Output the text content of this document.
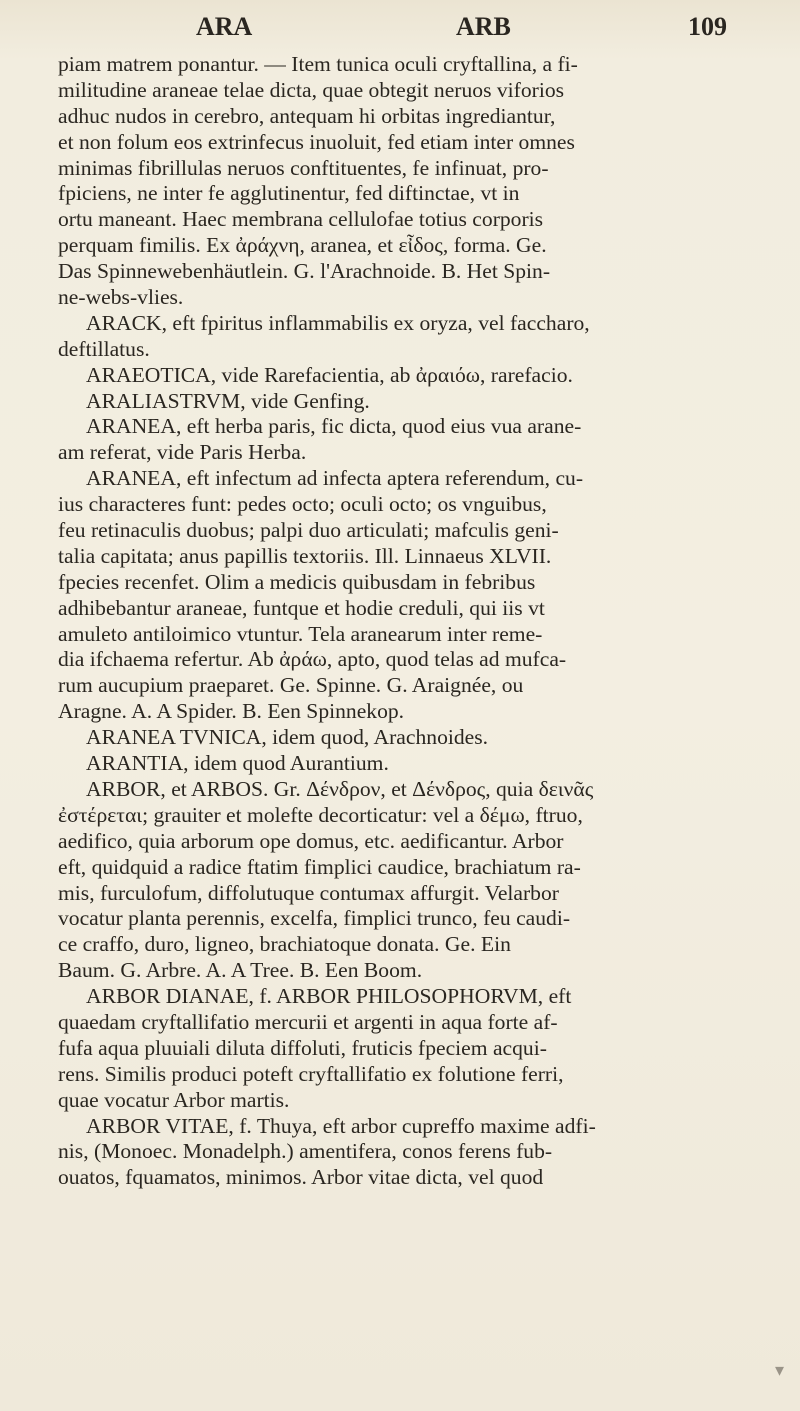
ARA	ARB	109
piam matrem ponantur. — Item tunica oculi cryftallina, a fi-
militudine araneae telae dicta, quae obtegit neruos viforios
adhuc nudos in cerebro, antequam hi orbitas ingrediantur,
et non folum eos extrinfecus inuoluit, fed etiam inter omnes
minimas fibrillulas neruos conftituentes, fe infinuat, pro-
fpiciens, ne inter fe agglutinentur, fed diftinctae, vt in
ortu maneant. Haec membrana cellulofae totius corporis
perquam fimilis. Ex ἀράχνη, aranea, et εἶδος, forma. Ge.
Das Spinnewebenhäutlein. G. l'Arachnoide. B. Het Spin-
ne-webs-vlies.
ARACK, eft fpiritus inflammabilis ex oryza, vel faccharo,
deftillatus.
ARAEOTICA, vide Rarefacientia, ab ἀραιόω, rarefacio.
ARALIASTRVM, vide Genfing.
ARANEA, eft herba paris, fic dicta, quod eius vua arane-
am referat, vide Paris Herba.
ARANEA, eft infectum ad infecta aptera referendum, cu-
ius characteres funt: pedes octo; oculi octo; os vnguibus,
feu retinaculis duobus; palpi duo articulati; mafculis geni-
talia capitata; anus papillis textoriis. Ill. Linnaeus XLVII.
fpecies recenfet. Olim a medicis quibusdam in febribus
adhibebantur araneae, funtque et hodie creduli, qui iis vt
amuleto antiloimico vtuntur. Tela aranearum inter reme-
dia ifchaema refertur. Ab ἀράω, apto, quod telas ad mufca-
rum aucupium praeparet. Ge. Spinne. G. Araignée, ou
Aragne. A. A Spider. B. Een Spinnekop.
ARANEA TVNICA, idem quod, Arachnoides.
ARANTIA, idem quod Aurantium.
ARBOR, et ARBOS. Gr. Δένδρον, et Δένδρος, quia δεινᾶς
ἐστέρεται; grauiter et molefte decorticatur: vel a δέμω, ftruo,
aedifico, quia arborum ope domus, etc. aedificantur. Arbor
eft, quidquid a radice ftatim fimplici caudice, brachiatum ra-
mis, furculofum, diffolutuque contumax affurgit. Velarbor
vocatur planta perennis, excelfa, fimplici trunco, feu caudi-
ce craffo, duro, ligneo, brachiatoque donata. Ge. Ein
Baum. G. Arbre. A. A Tree. B. Een Boom.
ARBOR DIANAE, f. ARBOR PHILOSOPHORVM, eft
quaedam cryftallifatio mercurii et argenti in aqua forte af-
fufa aqua pluuiali diluta diffoluti, fruticis fpeciem acqui-
rens. Similis produci poteft cryftallifatio ex folutione ferri,
quae vocatur Arbor martis.
ARBOR VITAE, f. Thuya, eft arbor cupreffo maxime adfi-
nis, (Monoec. Monadelph.) amentifera, conos ferens fub-
ouatos, fquamatos, minimos. Arbor vitae dicta, vel quod
▾
